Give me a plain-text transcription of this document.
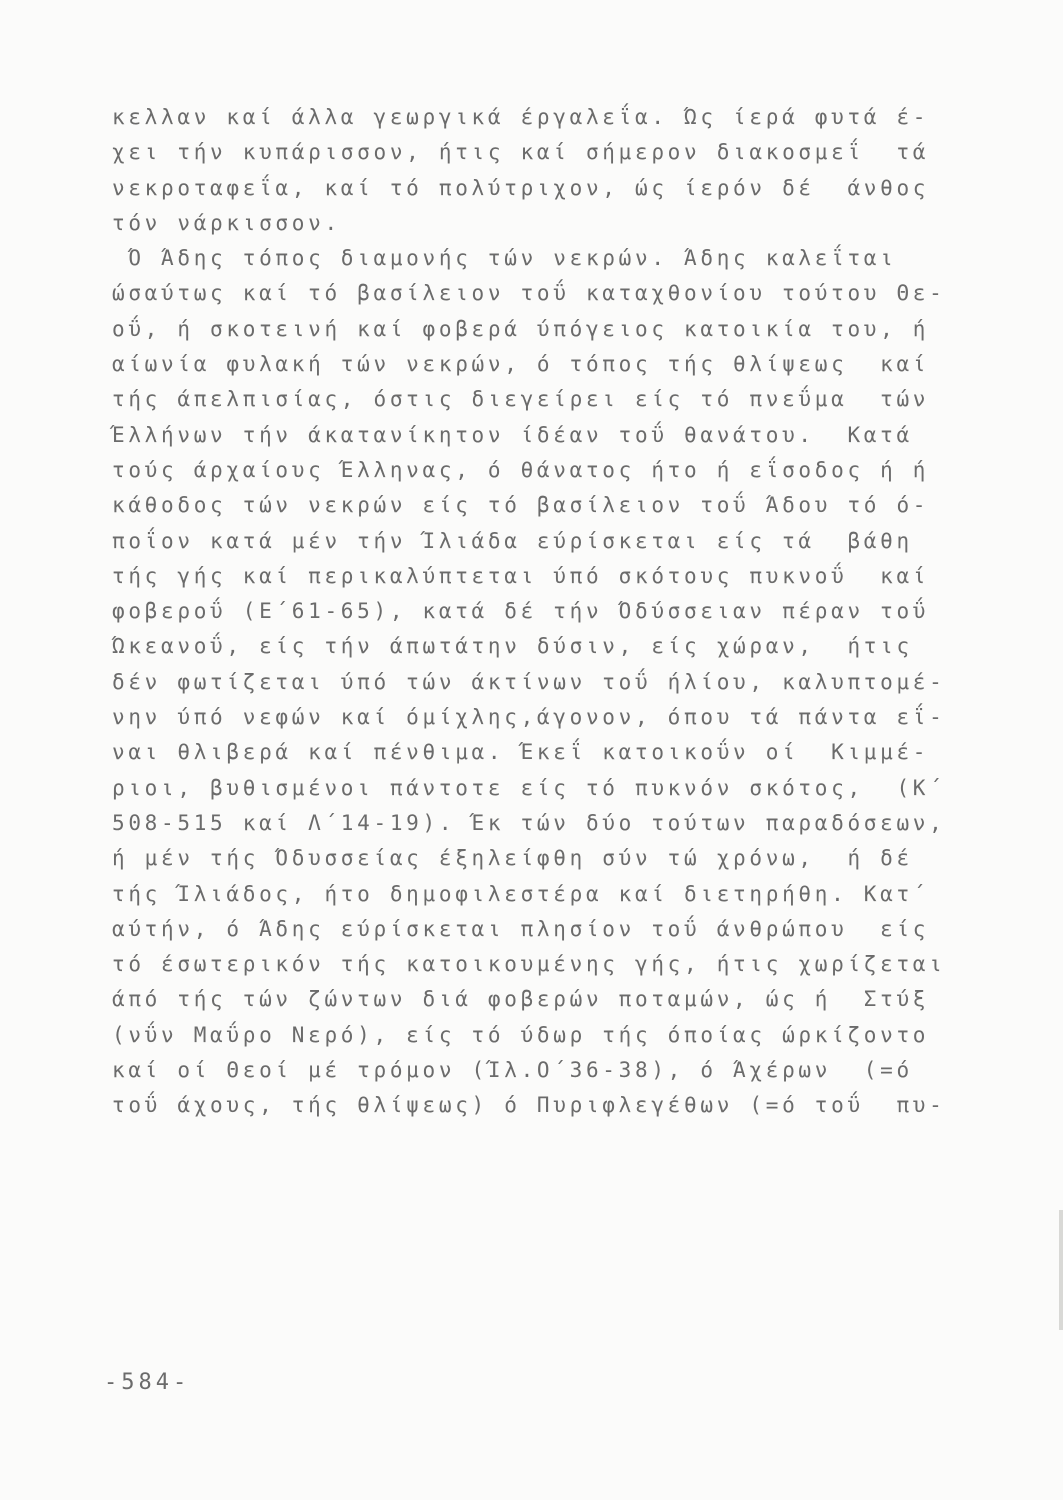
κελλαν καί άλλα γεωργικά έργαλεΐα. Ώς ίερά φυτά έ-
χει τήν κυπάρισσον, ήτις καί σήμερον διακοσμεΐ  τά
νεκροταφεΐα, καί τό πολύτριχον, ώς ίερόν δέ  άνθος
τόν νάρκισσον.
Ό Άδης τόπος διαμονής τών νεκρών. Άδης καλεΐται
ώσαύτως καί τό βασίλειον τοΰ καταχθονίου τούτου Θε-
οΰ, ή σκοτεινή καί φοβερά ύπόγειος κατοικία του, ή
αίωνία φυλακή τών νεκρών, ό τόπος τής θλίψεως  καί
τής άπελπισίας, όστις διεγείρει είς τό πνεΰμα  τών
Έλλήνων τήν άκατανίκητον ίδέαν τοΰ θανάτου.  Κατά
τούς άρχαίους Έλληνας, ό θάνατος ήτο ή εΐσοδος ή ή
κάθοδος τών νεκρών είς τό βασίλειον τοΰ Άδου τό ό-
ποΐον κατά μέν τήν Ίλιάδα εύρίσκεται είς τά  βάθη
τής γής καί περικαλύπτεται ύπό σκότους πυκνοΰ  καί
φοβεροΰ (Ε΄61-65), κατά δέ τήν Όδύσσειαν πέραν τοΰ
Ώκεανοΰ, είς τήν άπωτάτην δύσιν, είς χώραν,  ήτις
δέν φωτίζεται ύπό τών άκτίνων τοΰ ήλίου, καλυπτομέ-
νην ύπό νεφών καί όμίχλης,άγονον, όπου τά πάντα εΐ-
ναι θλιβερά καί πένθιμα. Έκεΐ κατοικοΰν οί  Κιμμέ-
ριοι, βυθισμένοι πάντοτε είς τό πυκνόν σκότος,  (Κ΄
508-515 καί Λ΄14-19). Έκ τών δύο τούτων παραδόσεων,
ή μέν τής Όδυσσείας έξηλείφθη σύν τώ χρόνω,  ή δέ
τής Ίλιάδος, ήτο δημοφιλεστέρα καί διετηρήθη. Κατ΄
αύτήν, ό Άδης εύρίσκεται πλησίον τοΰ άνθρώπου  είς
τό έσωτερικόν τής κατοικουμένης γής, ήτις χωρίζεται
άπό τής τών ζώντων διά φοβερών ποταμών, ώς ή  Στύξ
(νΰν Μαΰρο Νερό), είς τό ύδωρ τής όποίας ώρκίζοντο
καί οί Θεοί μέ τρόμον (Ίλ.Ο΄36-38), ό Άχέρων  (=ό
τοΰ άχους, τής θλίψεως) ό Πυριφλεγέθων (=ό τοΰ  πυ-
-584-
